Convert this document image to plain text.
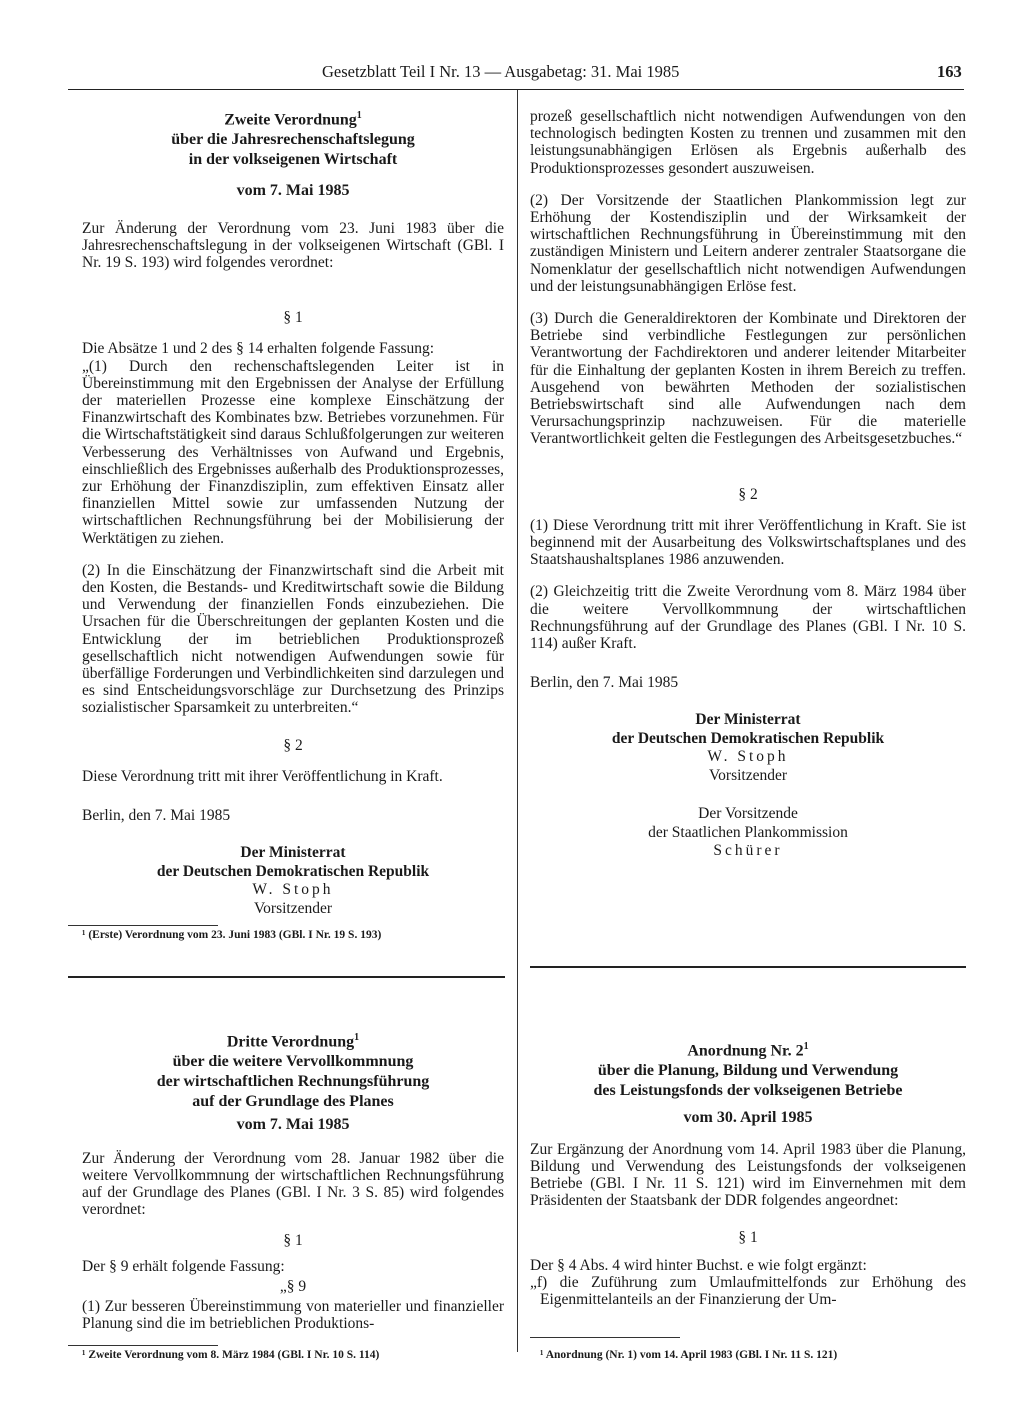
Gesetzblatt Teil I Nr. 13 — Ausgabetag: 31. Mai 1985	163
Zweite Verordnung$^1$
über die Jahresrechenschaftslegung
in der volkseigenen Wirtschaft
vom 7. Mai 1985

Zur Änderung der Verordnung vom 23. Juni 1983 über die Jahresrechenschaftslegung in der volkseigenen Wirtschaft (GBl. I Nr. 19 S. 193) wird folgendes verordnet:

§ 1

Die Absätze 1 und 2 des § 14 erhalten folgende Fassung:

„(1) Durch den rechenschaftslegenden Leiter ist in Übereinstimmung mit den Ergebnissen der Analyse der Erfüllung der materiellen Prozesse eine komplexe Einschätzung der Finanzwirtschaft des Kombinates bzw. Betriebes vorzunehmen. Für die Wirtschaftstätigkeit sind daraus Schlußfolgerungen zur weiteren Verbesserung des Verhältnisses von Aufwand und Ergebnis, einschließlich des Ergebnisses außerhalb des Produktionsprozesses, zur Erhöhung der Finanzdisziplin, zum effektiven Einsatz aller finanziellen Mittel sowie zur umfassenden Nutzung der wirtschaftlichen Rechnungsführung bei der Mobilisierung der Werktätigen zu ziehen.

(2) In die Einschätzung der Finanzwirtschaft sind die Arbeit mit den Kosten, die Bestands- und Kreditwirtschaft sowie die Bildung und Verwendung der finanziellen Fonds einzubeziehen. Die Ursachen für die Überschreitungen der geplanten Kosten und die Entwicklung der im betrieblichen Produktionsprozeß gesellschaftlich nicht notwendigen Aufwendungen sowie für überfällige Forderungen und Verbindlichkeiten sind darzulegen und es sind Entscheidungsvorschläge zur Durchsetzung des Prinzips sozialistischer Sparsamkeit zu unterbreiten.“

§ 2

Diese Verordnung tritt mit ihrer Veröffentlichung in Kraft.

Berlin, den 7. Mai 1985

Der Ministerrat
der Deutschen Demokratischen Republik
W. Stoph
Vorsitzender
¹ (Erste) Verordnung vom 23. Juni 1983 (GBl. I Nr. 19 S. 193)

prozeß gesellschaftlich nicht notwendigen Aufwendungen von den technologisch bedingten Kosten zu trennen und zusammen mit den leistungsunabhängigen Erlösen als Ergebnis außerhalb des Produktionsprozesses gesondert auszuweisen.

(2) Der Vorsitzende der Staatlichen Plankommission legt zur Erhöhung der Kostendisziplin und der Wirksamkeit der wirtschaftlichen Rechnungsführung in Übereinstimmung mit den zuständigen Ministern und Leitern anderer zentraler Staatsorgane die Nomenklatur der gesellschaftlich nicht notwendigen Aufwendungen und der leistungsunabhängigen Erlöse fest.

(3) Durch die Generaldirektoren der Kombinate und Direktoren der Betriebe sind verbindliche Festlegungen zur persönlichen Verantwortung der Fachdirektoren und anderer leitender Mitarbeiter für die Einhaltung der geplanten Kosten in ihrem Bereich zu treffen. Ausgehend von bewährten Methoden der sozialistischen Betriebswirtschaft sind alle Aufwendungen nach dem Verursachungsprinzip nachzuweisen. Für die materielle Verantwortlichkeit gelten die Festlegungen des Arbeitsgesetzbuches.“

§ 2

(1) Diese Verordnung tritt mit ihrer Veröffentlichung in Kraft. Sie ist beginnend mit der Ausarbeitung des Volkswirtschaftsplanes und des Staatshaushaltsplanes 1986 anzuwenden.

(2) Gleichzeitig tritt die Zweite Verordnung vom 8. März 1984 über die weitere Vervollkommnung der wirtschaftlichen Rechnungsführung auf der Grundlage des Planes (GBl. I Nr. 10 S. 114) außer Kraft.

Berlin, den 7. Mai 1985

Der Ministerrat
der Deutschen Demokratischen Republik
W. Stoph
Vorsitzender
Der Vorsitzende
der Staatlichen Plankommission
Schürer
Dritte Verordnung$^1$
über die weitere Vervollkommnung
der wirtschaftlichen Rechnungsführung
auf der Grundlage des Planes
vom 7. Mai 1985

Zur Änderung der Verordnung vom 28. Januar 1982 über die weitere Vervollkommnung der wirtschaftlichen Rechnungsführung auf der Grundlage des Planes (GBl. I Nr. 3 S. 85) wird folgendes verordnet:

§ 1

Der § 9 erhält folgende Fassung:

„§ 9

(1) Zur besseren Übereinstimmung von materieller und finanzieller Planung sind die im betrieblichen Produktions-

¹ Zweite Verordnung vom 8. März 1984 (GBl. I Nr. 10 S. 114)
Anordnung Nr. $2^1$
über die Planung, Bildung und Verwendung
des Leistungsfonds der volkseigenen Betriebe
vom 30. April 1985

Zur Ergänzung der Anordnung vom 14. April 1983 über die Planung, Bildung und Verwendung des Leistungsfonds der volkseigenen Betriebe (GBl. I Nr. 11 S. 121) wird im Einvernehmen mit dem Präsidenten der Staatsbank der DDR folgendes angeordnet:

§ 1

Der § 4 Abs. 4 wird hinter Buchst. e wie folgt ergänzt:

„f) die Zuführung zum Umlaufmittelfonds zur Erhöhung des Eigenmittelanteils an der Finanzierung der Um-

¹ Anordnung (Nr. 1) vom 14. April 1983 (GBl. I Nr. 11 S. 121)
